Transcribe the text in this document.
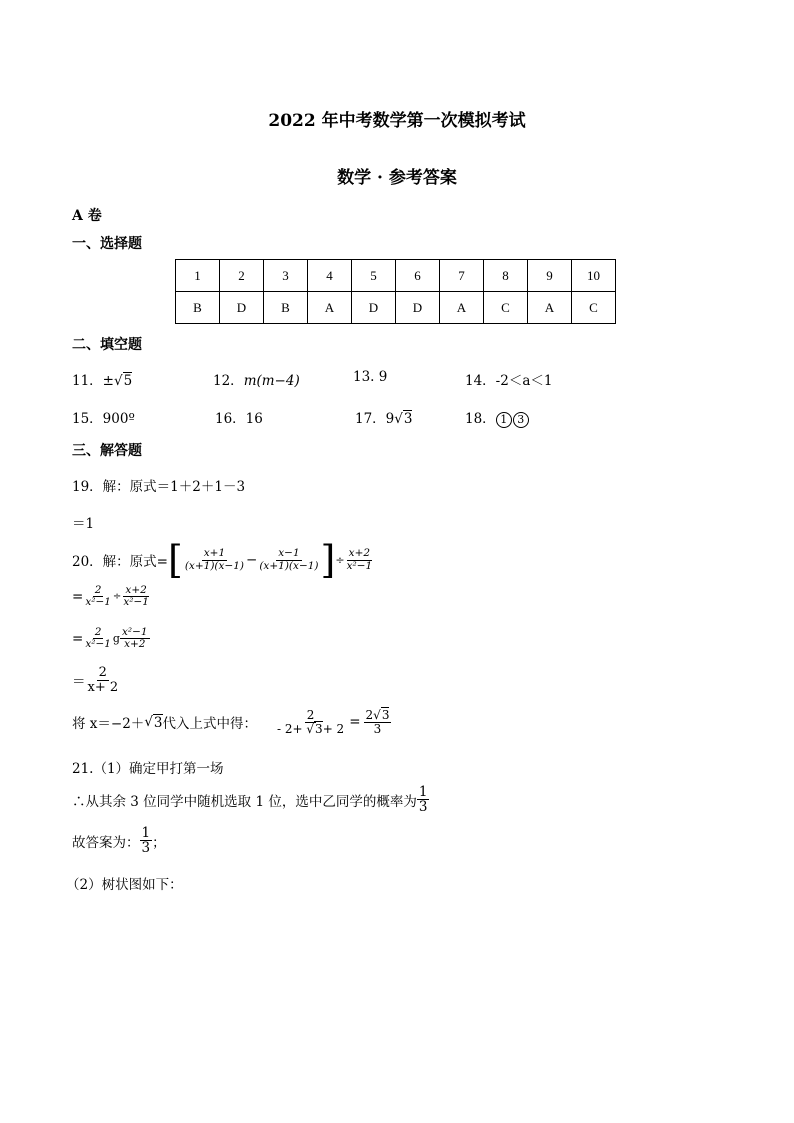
2022 年中考数学第一次模拟考试
数学 · 参考答案
A 卷
一、选择题
1	2	3	4	5	6	7	8	9	10
B	D	B	A	D	D	A	C	A	C
二、填空题
11．±√5	12．m(m−4)	13. 9	14．-2＜a＜1
15．900º	16．16	17．9√3	18． 1 3
三、解答题
19．解：原式＝1＋2＋1－3
＝1
20．解：原式= [ $\frac{x+1}{(x+1)(x-1)} - \frac{x-1}{(x+1)(x-1)}$ ] ÷ $\frac{x+2}{\text{x²−1}}$
= $\frac{2}{\text{x²−1}} \div \frac{x+2}{\text{x²−1}}$
= $\frac{2}{\text{x²−1}}$ g $\frac{\text{x²−1}}{x+2}$
＝ $\frac{2}{x+ 2}$
将 x＝−2＋ √ 3 代入上式中得： $\frac{2}{- 2+ √3+ 2} = \frac{2√3}{3}$
21.（1）确定甲打第一场
∴从其余 3 位同学中随机选取 1 位，选中乙同学的概率为 $\frac{1}{3}$
故答案为： $\frac{1}{3}$ ；
（2）树状图如下：
